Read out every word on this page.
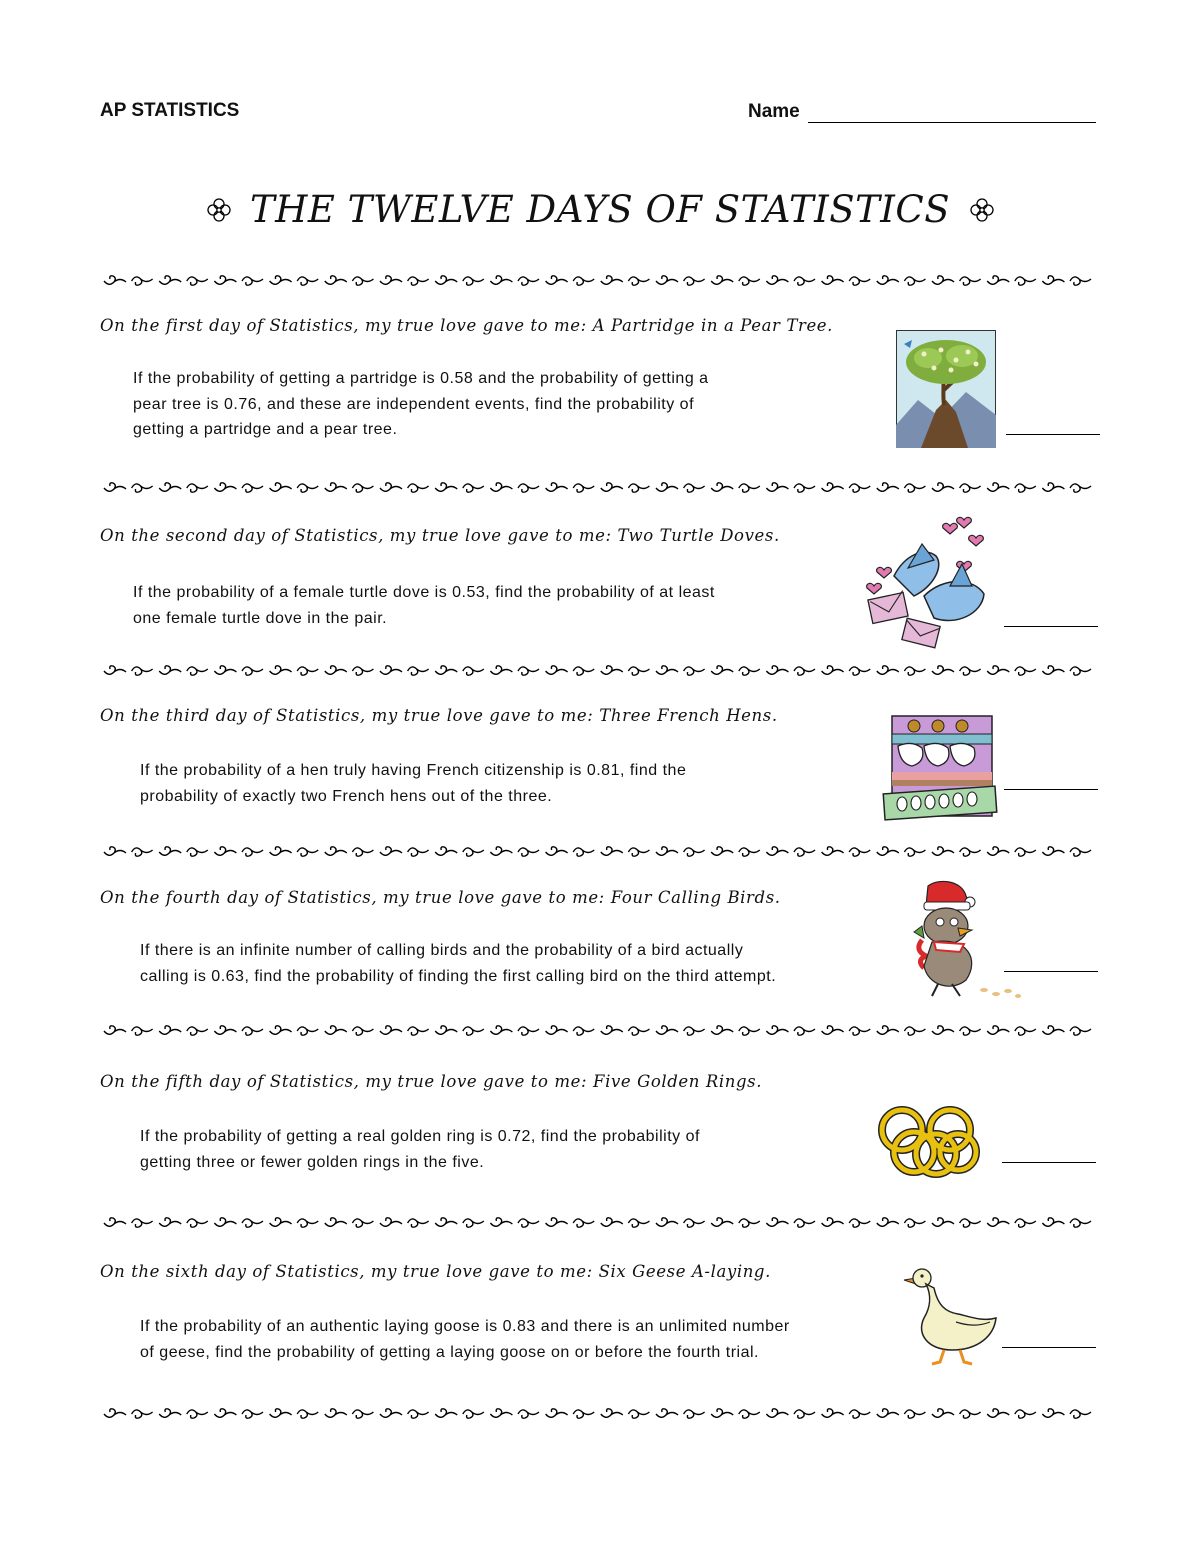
AP STATISTICS	Name
THE TWELVE DAYS OF STATISTICS
On the first day of Statistics, my true love gave to me: A Partridge in a Pear Tree.
If the probability of getting a partridge is 0.58 and the probability of getting a
pear tree is 0.76, and these are independent events, find the probability of
getting a partridge and a pear tree.
On the second day of Statistics, my true love gave to me: Two Turtle Doves.
If the probability of a female turtle dove is 0.53, find the probability of at least
one female turtle dove in the pair.
On the third day of Statistics, my true love gave to me: Three French Hens.
If the probability of a hen truly having French citizenship is 0.81, find the
probability of exactly two French hens out of the three.
On the fourth day of Statistics, my true love gave to me: Four Calling Birds.
If there is an infinite number of calling birds and the probability of a bird actually
calling is 0.63, find the probability of finding the first calling bird on the third attempt.
On the fifth day of Statistics, my true love gave to me: Five Golden Rings.
If the probability of getting a real golden ring is 0.72, find the probability of
getting three or fewer golden rings in the five.
On the sixth day of Statistics, my true love gave to me: Six Geese A-laying.
If the probability of an authentic laying goose is 0.83 and there is an unlimited number
of geese, find the probability of getting a laying goose on or before the fourth trial.
